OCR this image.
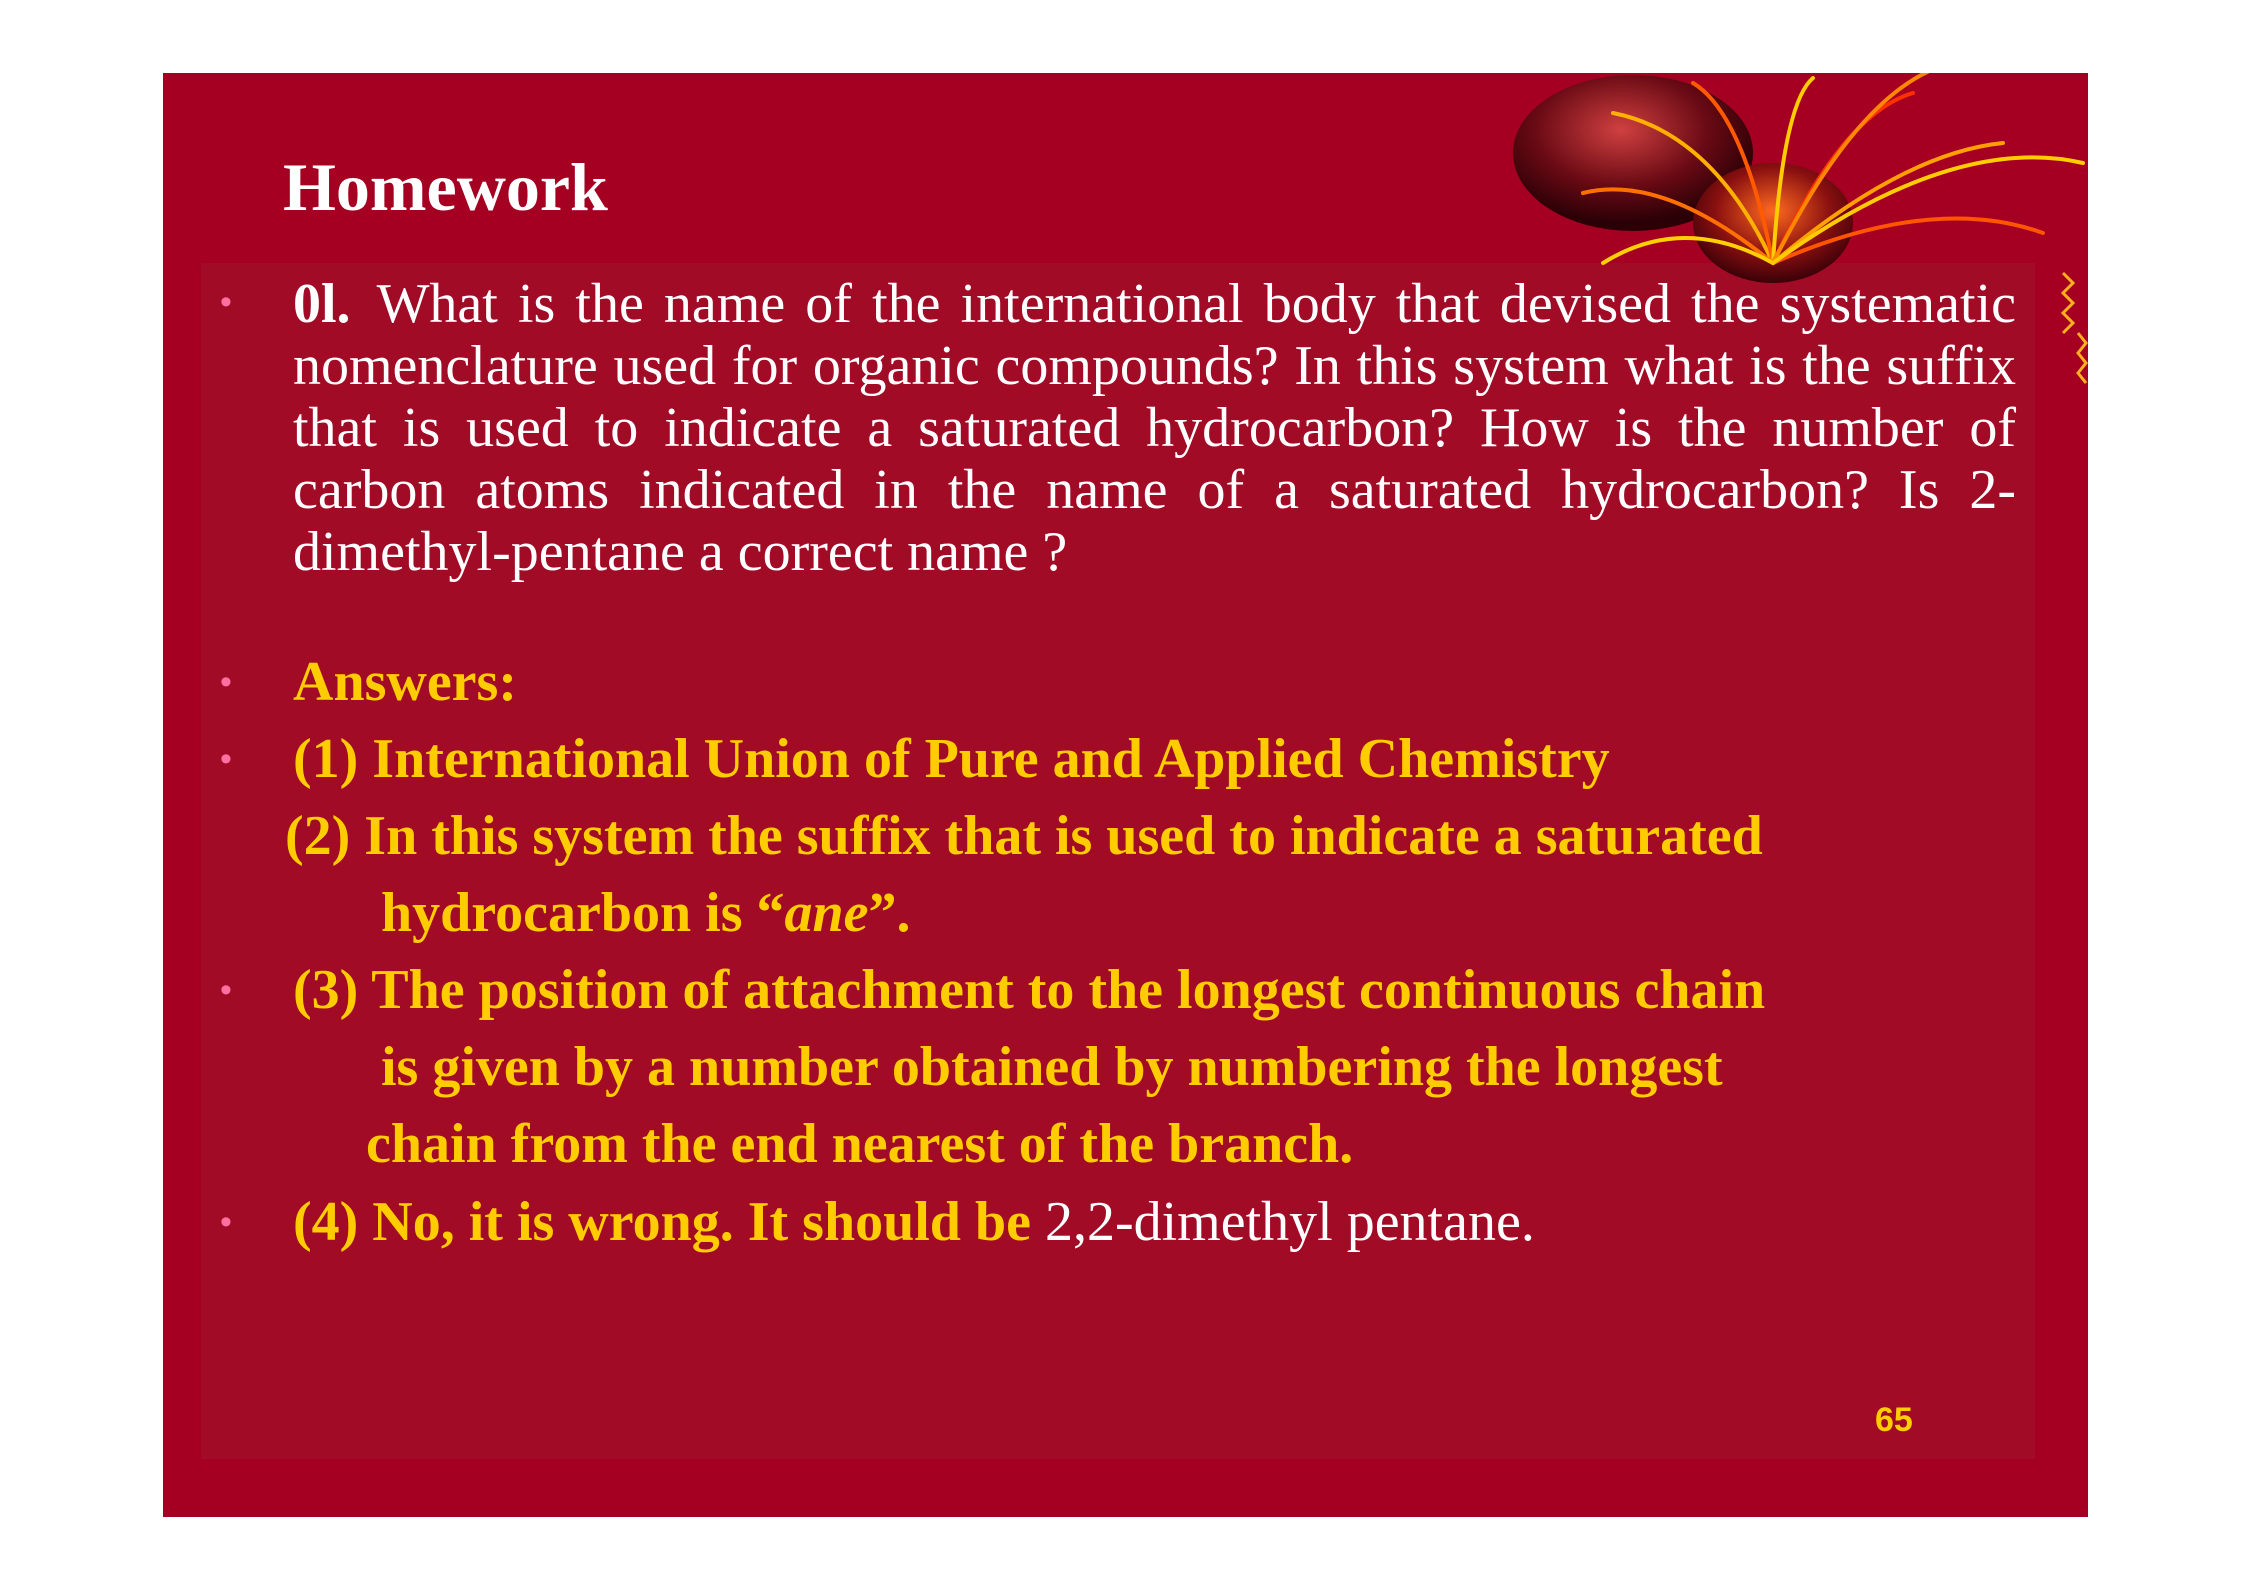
Homework
•
•
•
•
•
0l. What is the name of the international body that devised the systematic nomenclature used for organic compounds? In this system what is the suffix that is used to indicate a saturated hydrocarbon? How is the number of carbon atoms indicated in the name of a saturated hydrocarbon? Is 2-dimethyl-pentane a correct name ?
Answers:
(1) International Union of Pure and Applied Chemistry
(2) In this system the suffix that is used to indicate a saturated
hydrocarbon is “ane”.
(3) The position of attachment to the longest continuous chain
is given by a number obtained by numbering the longest
chain from the end nearest of the branch.
(4) No, it is wrong. It should be 2,2-dimethyl pentane.
65
